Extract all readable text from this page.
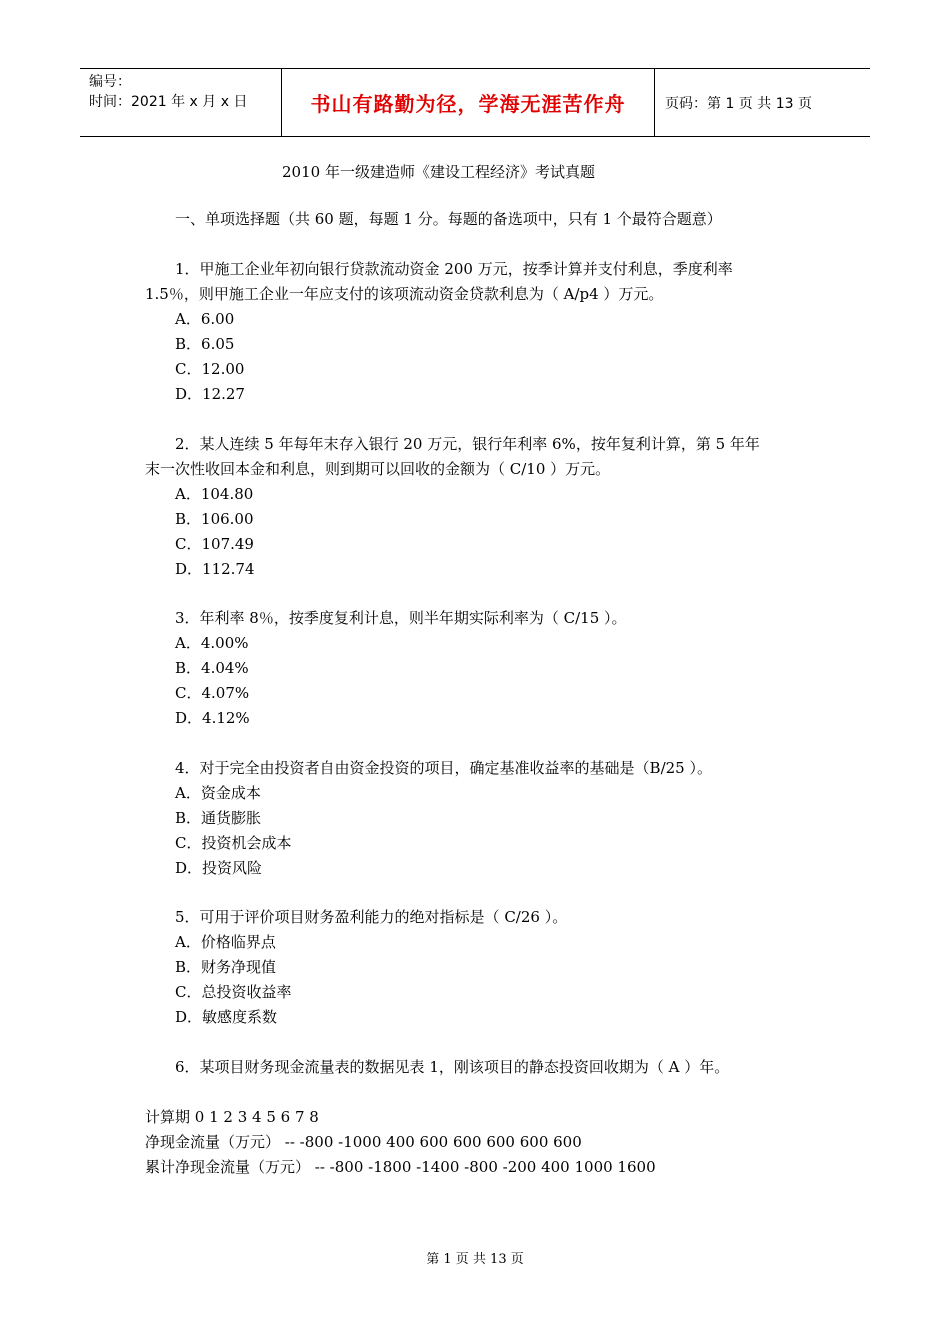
编号：
时间：2021 年 x 月 x 日	书山有路勤为径，学海无涯苦作舟	页码：第 1 页 共 13 页
2010 年一级建造师《建设工程经济》考试真题
一、单项选择题（共 60 题，每题 1 分。每题的备选项中，只有 1 个最符合题意）
1．甲施工企业年初向银行贷款流动资金 200 万元，按季计算并支付利息，季度利率
1.5％，则甲施工企业一年应支付的该项流动资金贷款利息为（ A/p4 ）万元。
A．6.00
B．6.05
C．12.00
D．12.27
2．某人连续 5 年每年末存入银行 20 万元，银行年利率 6%，按年复利计算，第 5 年年
末一次性收回本金和利息，则到期可以回收的金额为（ C/10 ）万元。
A．104.80
B．106.00
C．107.49
D．112.74
3．年利率 8％，按季度复利计息，则半年期实际利率为（ C/15 ）。
A．4.00%
B．4.04%
C．4.07%
D．4.12%
4．对于完全由投资者自由资金投资的项目，确定基准收益率的基础是（B/25 ）。
A．资金成本
B．通货膨胀
C．投资机会成本
D．投资风险
5．可用于评价项目财务盈利能力的绝对指标是（ C/26 ）。
A．价格临界点
B．财务净现值
C．总投资收益率
D．敏感度系数
6．某项目财务现金流量表的数据见表 1，刚该项目的静态投资回收期为（ A ）年。
计算期 0 1 2 3 4 5 6 7 8
净现金流量（万元） -- -800 -1000 400 600 600 600 600 600
累计净现金流量（万元） -- -800 -1800 -1400 -800 -200 400 1000 1600
第 1 页 共 13 页
